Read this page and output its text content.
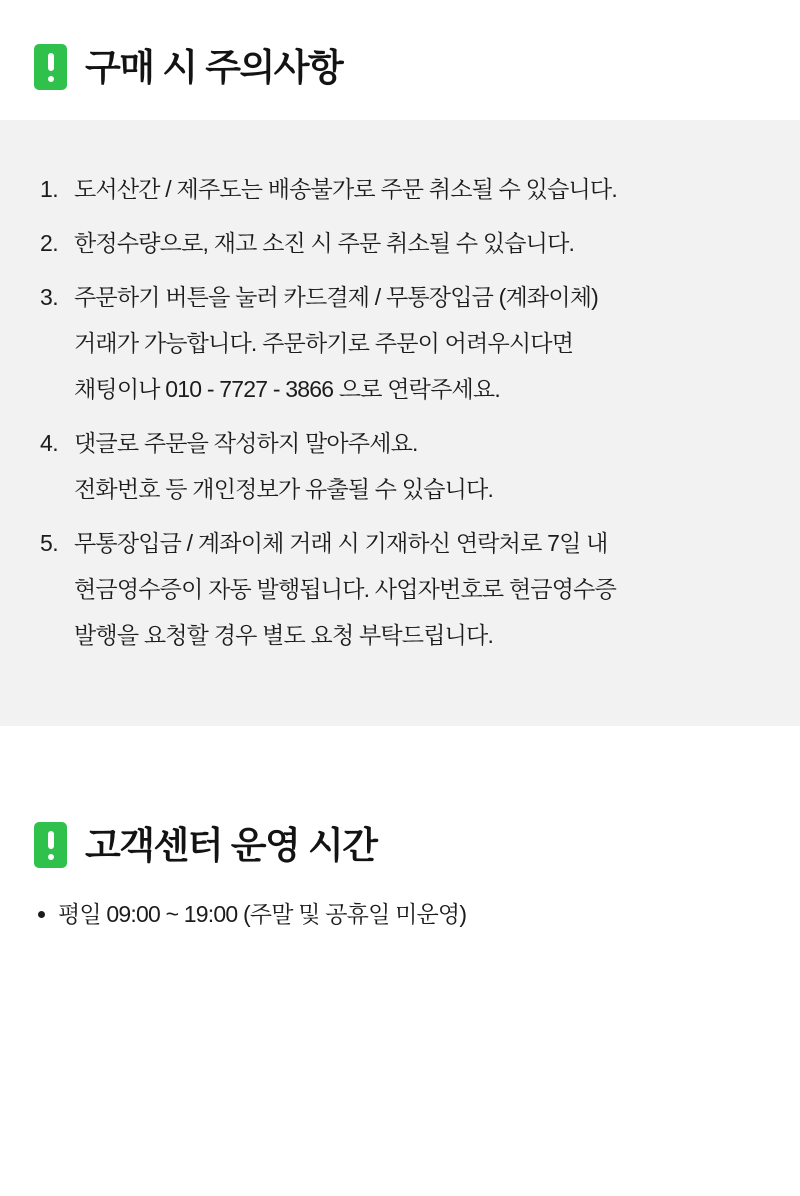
구매 시 주의사항
1. 도서산간 / 제주도는 배송불가로 주문 취소될 수 있습니다.
2. 한정수량으로, 재고 소진 시 주문 취소될 수 있습니다.
3. 주문하기 버튼을 눌러 카드결제 / 무통장입금 (계좌이체)
거래가 가능합니다. 주문하기로 주문이 어려우시다면
채팅이나 010 - 7727 - 3866 으로 연락주세요.
4. 댓글로 주문을 작성하지 말아주세요.
전화번호 등 개인정보가 유출될 수 있습니다.
5. 무통장입금 / 계좌이체 거래 시 기재하신 연락처로 7일 내
현금영수증이 자동 발행됩니다. 사업자번호로 현금영수증
발행을 요청할 경우 별도 요청 부탁드립니다.
고객센터 운영 시간
평일 09:00 ~ 19:00 (주말 및 공휴일 미운영)
